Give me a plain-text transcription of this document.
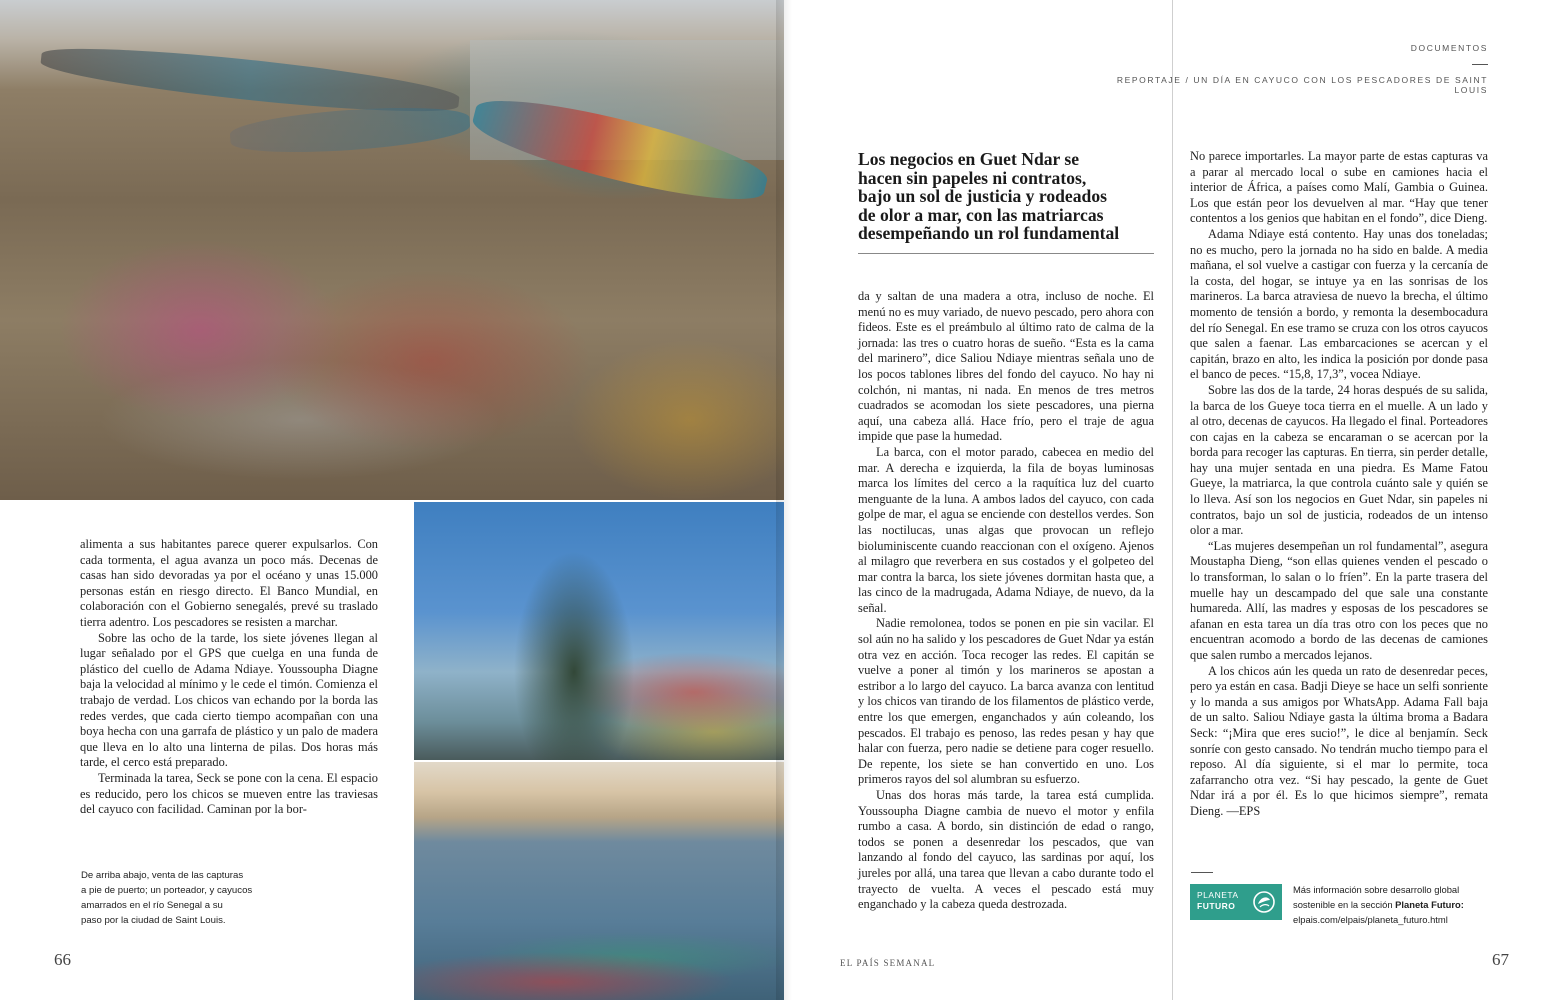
alimenta a sus habitantes parece querer expulsarlos. Con cada tormenta, el agua avanza un poco más. Decenas de casas han sido devoradas ya por el océano y unas 15.000 personas están en riesgo directo. El Banco Mundial, en colaboración con el Gobierno senegalés, prevé su traslado tierra adentro. Los pescadores se resisten a marchar.

Sobre las ocho de la tarde, los siete jóvenes llegan al lugar señalado por el GPS que cuelga en una funda de plástico del cuello de Adama Ndiaye. Youssoupha Diagne baja la velocidad al mínimo y le cede el timón. Comienza el trabajo de verdad. Los chicos van echando por la borda las redes verdes, que cada cierto tiempo acompañan con una boya hecha con una garrafa de plástico y un palo de madera que lleva en lo alto una linterna de pilas. Dos horas más tarde, el cerco está preparado.

Terminada la tarea, Seck se pone con la cena. El espacio es reducido, pero los chicos se mueven entre las traviesas del cayuco con facilidad. Caminan por la bor-

De arriba abajo, venta de las capturas
a pie de puerto; un porteador, y cayucos
amarrados en el río Senegal a su
paso por la ciudad de Saint Louis.
66
DOCUMENTOS
REPORTAJE / UN DÍA EN CAYUCO CON LOS PESCADORES DE SAINT LOUIS
Los negocios en Guet Ndar se
hacen sin papeles ni contratos,
bajo un sol de justicia y rodeados
de olor a mar, con las matriarcas
desempeñando un rol fundamental

da y saltan de una madera a otra, incluso de noche. El menú no es muy variado, de nuevo pescado, pero ahora con fideos. Este es el preámbulo al último rato de calma de la jornada: las tres o cuatro horas de sueño. “Esta es la cama del marinero”, dice Saliou Ndiaye mientras señala uno de los pocos tablones libres del fondo del cayuco. No hay ni colchón, ni mantas, ni nada. En menos de tres metros cuadrados se acomodan los siete pescadores, una pierna aquí, una cabeza allá. Hace frío, pero el traje de agua impide que pase la humedad.

La barca, con el motor parado, cabecea en medio del mar. A derecha e izquierda, la fila de boyas luminosas marca los límites del cerco a la raquítica luz del cuarto menguante de la luna. A ambos lados del cayuco, con cada golpe de mar, el agua se enciende con destellos verdes. Son las noctilucas, unas algas que provocan un reflejo bioluminiscente cuando reaccionan con el oxígeno. Ajenos al milagro que reverbera en sus costados y el golpeteo del mar contra la barca, los siete jóvenes dormitan hasta que, a las cinco de la madrugada, Adama Ndiaye, de nuevo, da la señal.

Nadie remolonea, todos se ponen en pie sin vacilar. El sol aún no ha salido y los pescadores de Guet Ndar ya están otra vez en acción. Toca recoger las redes. El capitán se vuelve a poner al timón y los marineros se apostan a estribor a lo largo del cayuco. La barca avanza con lentitud y los chicos van tirando de los filamentos de plástico verde, entre los que emergen, enganchados y aún coleando, los pescados. El trabajo es penoso, las redes pesan y hay que halar con fuerza, pero nadie se detiene para coger resuello. De repente, los siete se han convertido en uno. Los primeros rayos del sol alumbran su esfuerzo.

Unas dos horas más tarde, la tarea está cumplida. Youssoupha Diagne cambia de nuevo el motor y enfila rumbo a casa. A bordo, sin distinción de edad o rango, todos se ponen a desenredar los pescados, que van lanzando al fondo del cayuco, las sardinas por aquí, los jureles por allá, una tarea que llevan a cabo durante todo el trayecto de vuelta. A veces el pescado está muy enganchado y la cabeza queda destrozada.

No parece importarles. La mayor parte de estas capturas va a parar al mercado local o sube en camiones hacia el interior de África, a países como Malí, Gambia o Guinea. Los que están peor los devuelven al mar. “Hay que tener contentos a los genios que habitan en el fondo”, dice Dieng.

Adama Ndiaye está contento. Hay unas dos toneladas; no es mucho, pero la jornada no ha sido en balde. A media mañana, el sol vuelve a castigar con fuerza y la cercanía de la costa, del hogar, se intuye ya en las sonrisas de los marineros. La barca atraviesa de nuevo la brecha, el último momento de tensión a bordo, y remonta la desembocadura del río Senegal. En ese tramo se cruza con los otros cayucos que salen a faenar. Las embarcaciones se acercan y el capitán, brazo en alto, les indica la posición por donde pasa el banco de peces. “15,8, 17,3”, vocea Ndiaye.

Sobre las dos de la tarde, 24 horas después de su salida, la barca de los Gueye toca tierra en el muelle. A un lado y al otro, decenas de cayucos. Ha llegado el final. Porteadores con cajas en la cabeza se encaraman o se acercan por la borda para recoger las capturas. En tierra, sin perder detalle, hay una mujer sentada en una piedra. Es Mame Fatou Gueye, la matriarca, la que controla cuánto sale y quién se lo lleva. Así son los negocios en Guet Ndar, sin papeles ni contratos, bajo un sol de justicia, rodeados de un intenso olor a mar.

“Las mujeres desempeñan un rol fundamental”, asegura Moustapha Dieng, “son ellas quienes venden el pescado o lo transforman, lo salan o lo fríen”. En la parte trasera del muelle hay un descampado del que sale una constante humareda. Allí, las madres y esposas de los pescadores se afanan en esta tarea un día tras otro con los peces que no encuentran acomodo a bordo de las decenas de camiones que salen rumbo a mercados lejanos.

A los chicos aún les queda un rato de desenredar peces, pero ya están en casa. Badji Dieye se hace un selfi sonriente y lo manda a sus amigos por WhatsApp. Adama Fall baja de un salto. Saliou Ndiaye gasta la última broma a Badara Seck: “¡Mira que eres sucio!”, le dice al benjamín. Seck sonríe con gesto cansado. No tendrán mucho tiempo para el reposo. Al día siguiente, si el mar lo permite, toca zafarrancho otra vez. “Si hay pescado, la gente de Guet Ndar irá a por él. Es lo que hicimos siempre”, remata Dieng. —EPS

PLANETA
FUTURO
Más información sobre desarrollo global
sostenible en la sección Planeta Futuro:
elpais.com/elpais/planeta_futuro.html
EL PAÍS SEMANAL	67
